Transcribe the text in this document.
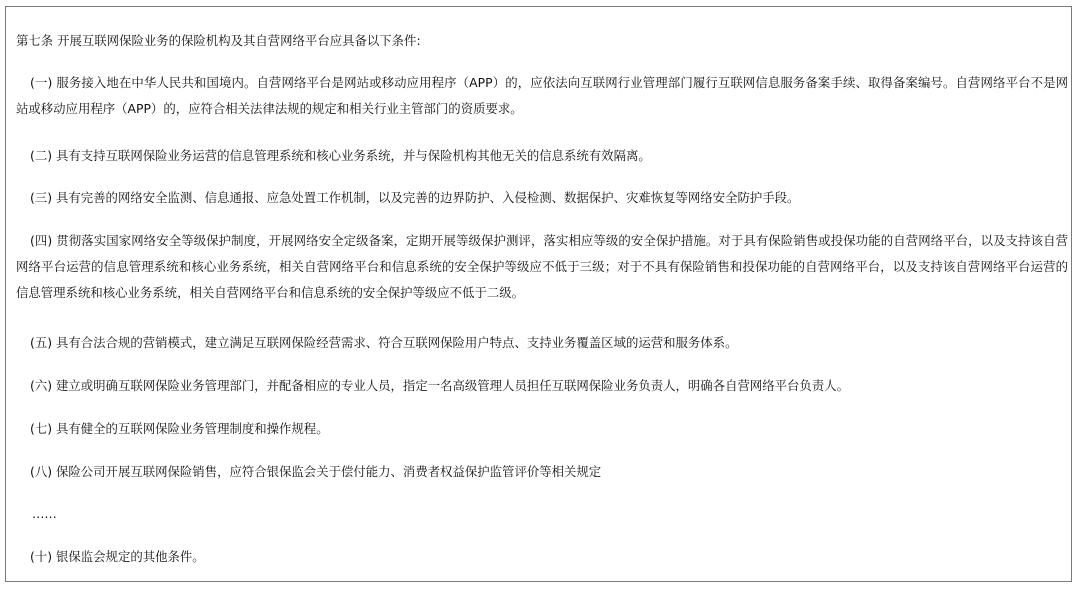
第七条 开展互联网保险业务的保险机构及其自营网络平台应具备以下条件:
(一) 服务接入地在中华人民共和国境内。自营网络平台是网站或移动应用程序（APP）的，应依法向互联网行业管理部门履行互联网信息服务备案手续、取得备案编号。自营网络平台不是网站或移动应用程序（APP）的，应符合相关法律法规的规定和相关行业主管部门的资质要求。
(二) 具有支持互联网保险业务运营的信息管理系统和核心业务系统，并与保险机构其他无关的信息系统有效隔离。
(三) 具有完善的网络安全监测、信息通报、应急处置工作机制，以及完善的边界防护、入侵检测、数据保护、灾难恢复等网络安全防护手段。
(四) 贯彻落实国家网络安全等级保护制度，开展网络安全定级备案，定期开展等级保护测评，落实相应等级的安全保护措施。对于具有保险销售或投保功能的自营网络平台，以及支持该自营网络平台运营的信息管理系统和核心业务系统，相关自营网络平台和信息系统的安全保护等级应不低于三级；对于不具有保险销售和投保功能的自营网络平台，以及支持该自营网络平台运营的信息管理系统和核心业务系统，相关自营网络平台和信息系统的安全保护等级应不低于二级。
(五) 具有合法合规的营销模式，建立满足互联网保险经营需求、符合互联网保险用户特点、支持业务覆盖区域的运营和服务体系。
(六) 建立或明确互联网保险业务管理部门，并配备相应的专业人员，指定一名高级管理人员担任互联网保险业务负责人，明确各自营网络平台负责人。
(七) 具有健全的互联网保险业务管理制度和操作规程。
(八) 保险公司开展互联网保险销售，应符合银保监会关于偿付能力、消费者权益保护监管评价等相关规定
……
(十) 银保监会规定的其他条件。
